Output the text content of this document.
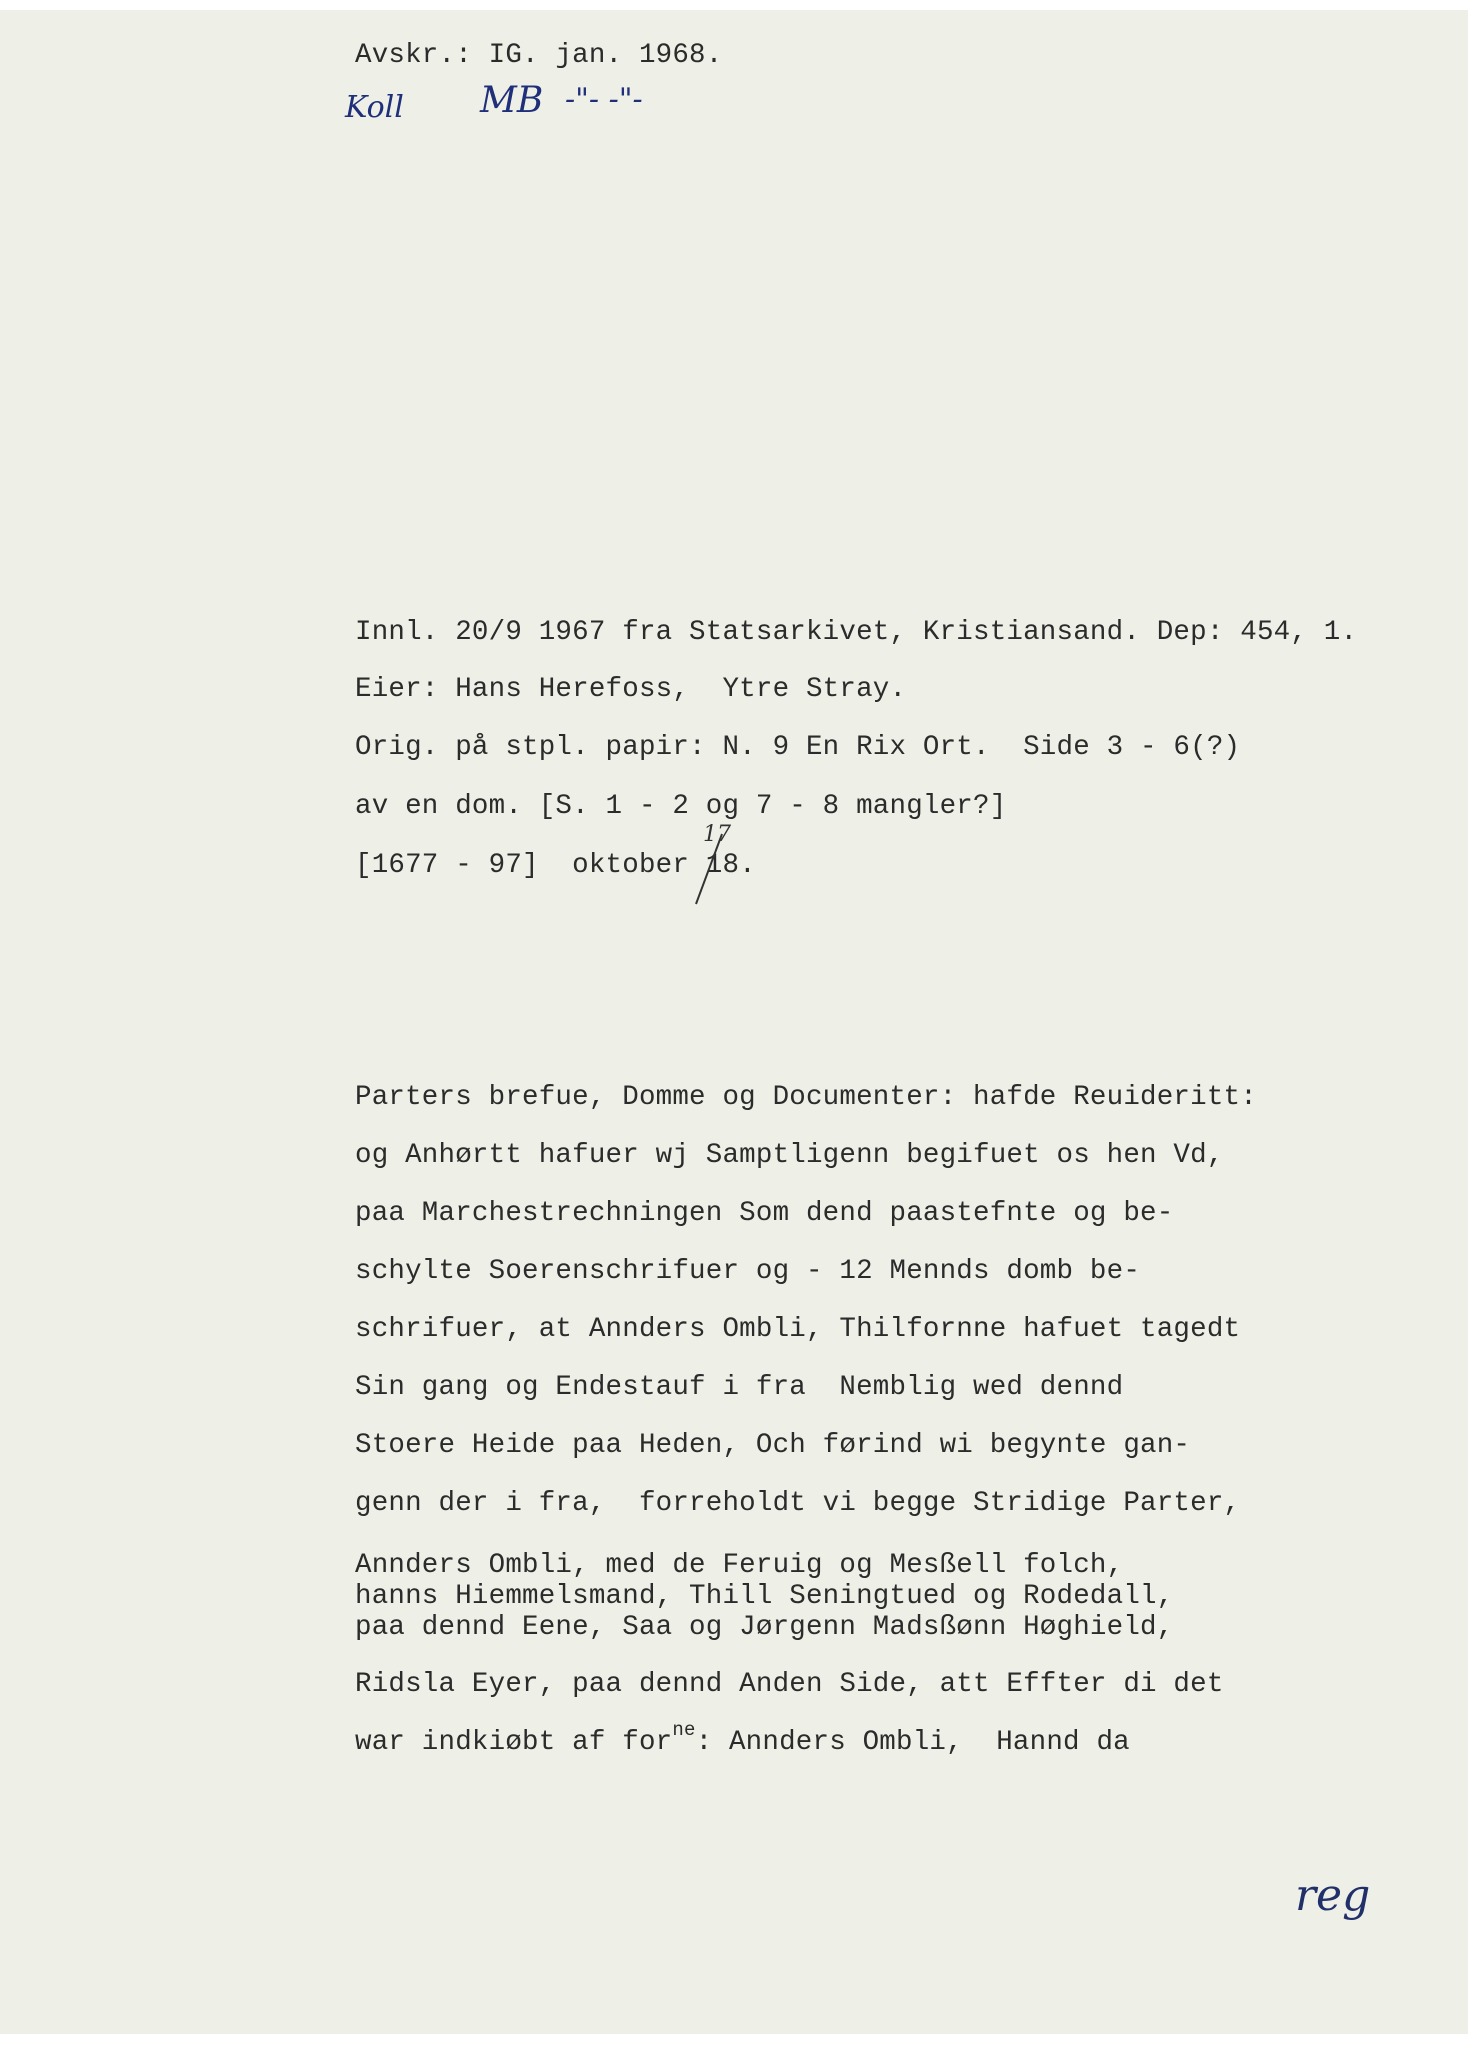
Avskr.: IG. jan. 1968.
Koll MB -"- -"-
Innl. 20/9 1967 fra Statsarkivet, Kristiansand. Dep: 454, 1.
Eier: Hans Herefoss,  Ytre Stray.
Orig. på stpl. papir: N. 9 En Rix Ort.  Side 3 - 6(?)
av en dom. [S. 1 - 2 og 7 - 8 mangler?]
[1677 - 97]  oktober 18.
17
Parters brefue, Domme og Documenter: hafde Reuideritt:
og Anhørtt hafuer wj Samptligenn begifuet os hen Vd,
paa Marchestrechningen Som dend paastefnte og be-
schylte Soerenschrifuer og - 12 Mennds domb be-
schrifuer, at Annders Ombli, Thilfornne hafuet tagedt
Sin gang og Endestauf i fra  Nemblig wed dennd
Stoere Heide paa Heden, Och førind wi begynte gan-
genn der i fra,  forreholdt vi begge Stridige Parter,
Annders Ombli, med de Feruig og Mesßell folch,
hanns Hiemmelsmand, Thill Seningtued og Rodedall,
paa dennd Eene, Saa og Jørgenn Madsßønn Høghield,
Ridsla Eyer, paa dennd Anden Side, att Effter di det
war indkiøbt af for$^{ne}$: Annders Ombli,  Hannd da
reg
